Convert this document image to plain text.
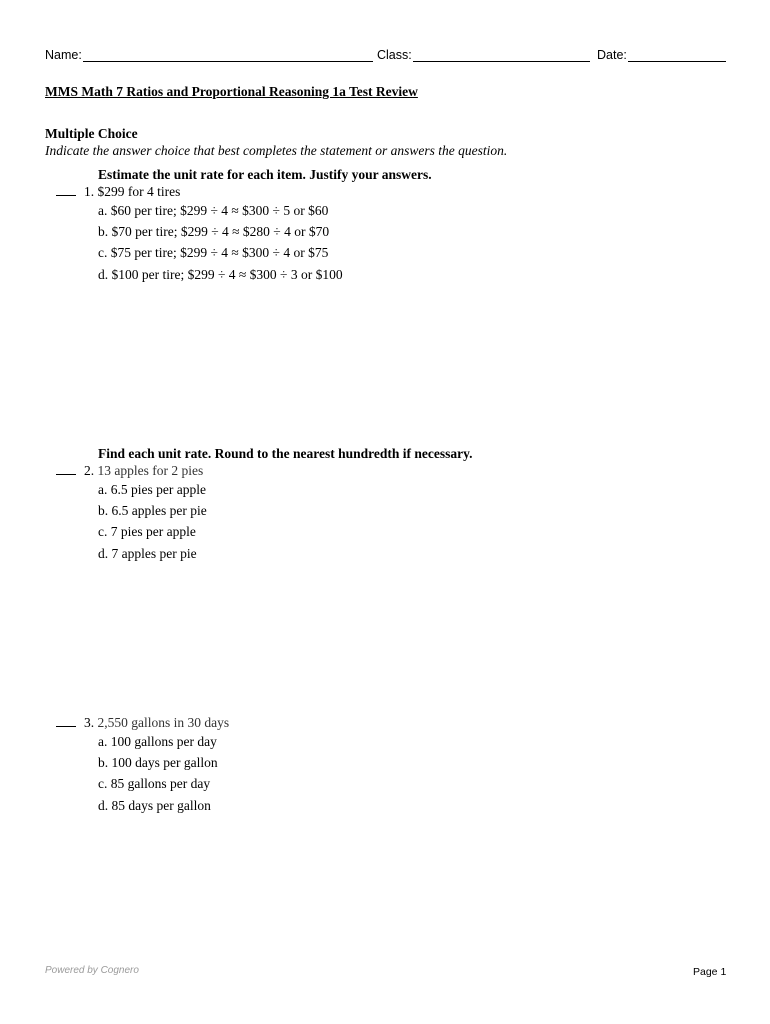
Name:	Class:	Date:
MMS Math 7 Ratios and Proportional Reasoning 1a Test Review
Multiple Choice
Indicate the answer choice that best completes the statement or answers the question.
Estimate the unit rate for each item. Justify your answers.
1. $299 for 4 tires
a. $60 per tire; $299 ÷ 4 ≈ $300 ÷ 5 or $60
b. $70 per tire; $299 ÷ 4 ≈ $280 ÷ 4 or $70
c. $75 per tire; $299 ÷ 4 ≈ $300 ÷ 4 or $75
d. $100 per tire; $299 ÷ 4 ≈ $300 ÷ 3 or $100
Find each unit rate. Round to the nearest hundredth if necessary.
2. 13 apples for 2 pies
a. 6.5 pies per apple
b. 6.5 apples per pie
c. 7 pies per apple
d. 7 apples per pie
3. 2,550 gallons in 30 days
a. 100 gallons per day
b. 100 days per gallon
c. 85 gallons per day
d. 85 days per gallon
Powered by Cognero	Page 1
